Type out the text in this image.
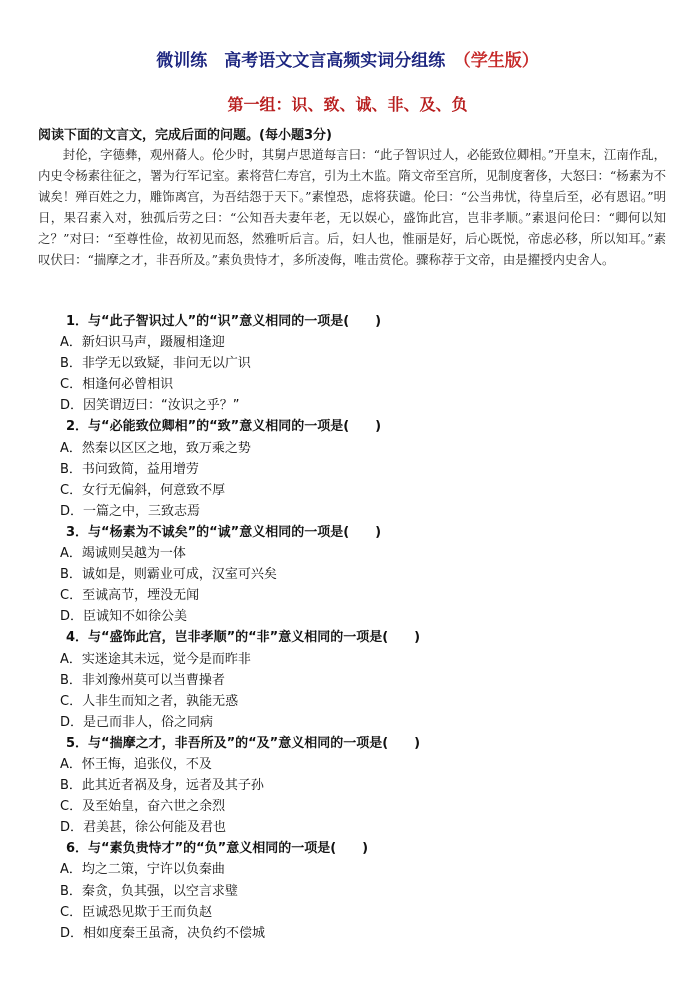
微训练　高考语文文言高频实词分组练　 （学生版）
第一组：识、致、诚、非、及、负
阅读下面的文言文，完成后面的问题。(每小题3分)
封伦，字德彝，观州蓨人。伦少时，其舅卢思道每言曰：“此子智识过人，必能致位卿相。”开皇末，江南作乱，内史令杨素往征之，署为行军记室。素将营仁寿宫，引为土木监。隋文帝至宫所，见制度奢侈，大怒曰：“杨素为不诚矣！殚百姓之力，雕饰离宫，为吾结怨于天下。”素惶恐，虑将获谴。伦曰：“公当弗忧，待皇后至，必有恩诏。”明日，果召素入对，独孤后劳之曰：“公知吾夫妻年老，无以娱心，盛饰此宫，岂非孝顺。”素退问伦曰：“卿何以知之？”对曰：“至尊性俭，故初见而怒，然雅听后言。后，妇人也，惟丽是好，后心既悦，帝虑必移，所以知耳。”素叹伏曰：“揣摩之才，非吾所及。”素负贵恃才，多所凌侮，唯击赏伦。骤称荐于文帝，由是擢授内史舍人。
1．与“此子智识过人”的“识”意义相同的一项是(　　)
A．新妇识马声，蹑履相逢迎
B．非学无以致疑，非问无以广识
C．相逢何必曾相识
D．因笑谓迈曰：“汝识之乎？”
2．与“必能致位卿相”的“致”意义相同的一项是(　　)
A．然秦以区区之地，致万乘之势
B．书问致简，益用增劳
C．女行无偏斜，何意致不厚
D．一篇之中，三致志焉
3．与“杨素为不诚矣”的“诚”意义相同的一项是(　　)
A．竭诚则吴越为一体
B．诚如是，则霸业可成，汉室可兴矣
C．至诚高节，堙没无闻
D．臣诚知不如徐公美
4．与“盛饰此宫，岂非孝顺”的“非”意义相同的一项是(　　)
A．实迷途其未远，觉今是而昨非
B．非刘豫州莫可以当曹操者
C．人非生而知之者，孰能无惑
D．是己而非人，俗之同病
5．与“揣摩之才，非吾所及”的“及”意义相同的一项是(　　)
A．怀王悔，追张仪，不及
B．此其近者祸及身，远者及其子孙
C．及至始皇，奋六世之余烈
D．君美甚，徐公何能及君也
6．与“素负贵恃才”的“负”意义相同的一项是(　　)
A．均之二策，宁许以负秦曲
B．秦贪，负其强，以空言求璧
C．臣诚恐见欺于王而负赵
D．相如度秦王虽斋，决负约不偿城
